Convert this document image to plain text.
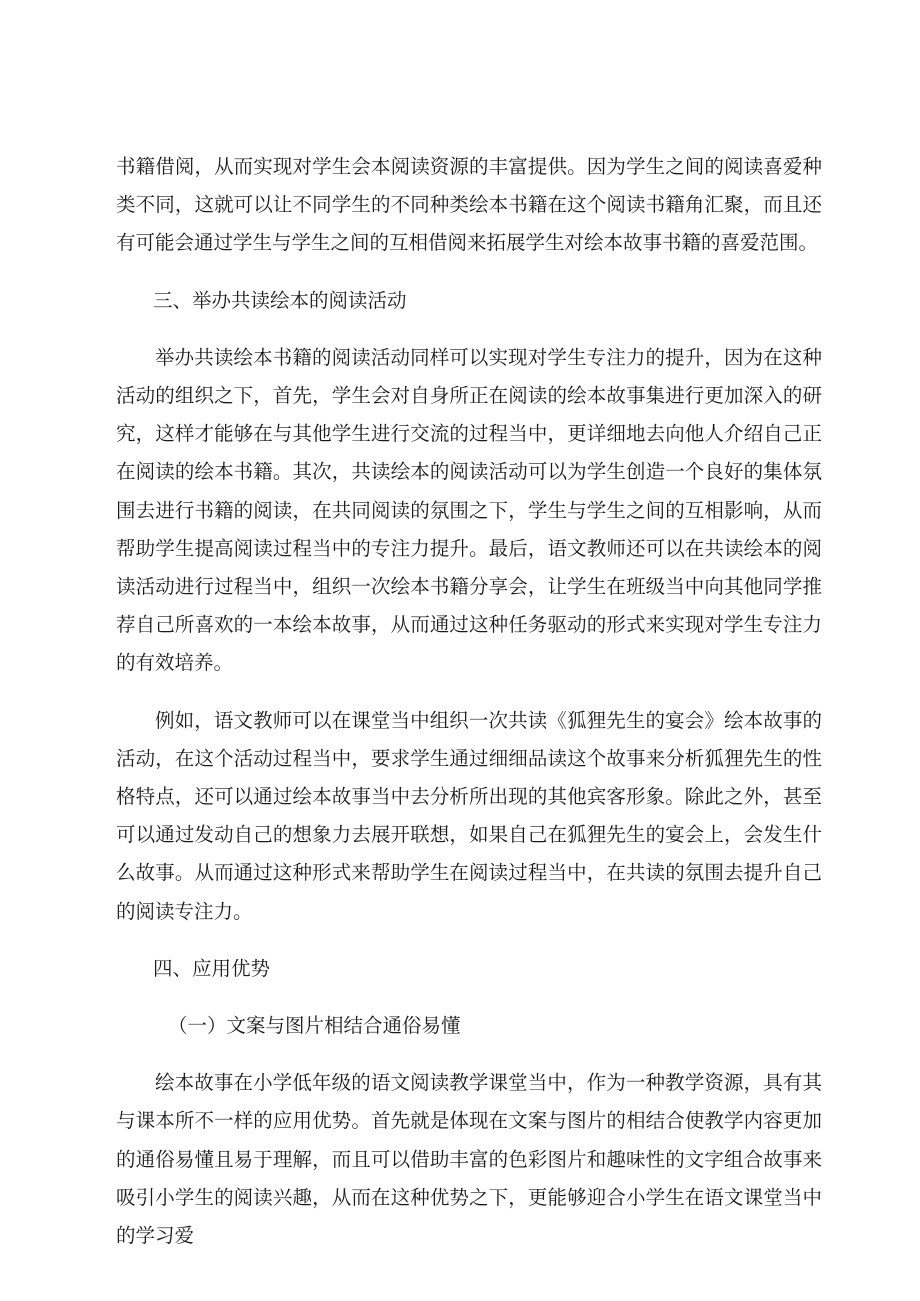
书籍借阅，从而实现对学生会本阅读资源的丰富提供。因为学生之间的阅读喜爱种类不同，这就可以让不同学生的不同种类绘本书籍在这个阅读书籍角汇聚，而且还有可能会通过学生与学生之间的互相借阅来拓展学生对绘本故事书籍的喜爱范围。

三、举办共读绘本的阅读活动

举办共读绘本书籍的阅读活动同样可以实现对学生专注力的提升，因为在这种活动的组织之下，首先，学生会对自身所正在阅读的绘本故事集进行更加深入的研究，这样才能够在与其他学生进行交流的过程当中，更详细地去向他人介绍自己正在阅读的绘本书籍。其次，共读绘本的阅读活动可以为学生创造一个良好的集体氛围去进行书籍的阅读，在共同阅读的氛围之下，学生与学生之间的互相影响，从而帮助学生提高阅读过程当中的专注力提升。最后，语文教师还可以在共读绘本的阅读活动进行过程当中，组织一次绘本书籍分享会，让学生在班级当中向其他同学推荐自己所喜欢的一本绘本故事，从而通过这种任务驱动的形式来实现对学生专注力的有效培养。

例如，语文教师可以在课堂当中组织一次共读《狐狸先生的宴会》绘本故事的活动，在这个活动过程当中，要求学生通过细细品读这个故事来分析狐狸先生的性格特点，还可以通过绘本故事当中去分析所出现的其他宾客形象。除此之外，甚至可以通过发动自己的想象力去展开联想，如果自己在狐狸先生的宴会上，会发生什么故事。从而通过这种形式来帮助学生在阅读过程当中，在共读的氛围去提升自己的阅读专注力。

四、应用优势

（一）文案与图片相结合通俗易懂

绘本故事在小学低年级的语文阅读教学课堂当中，作为一种教学资源，具有其与课本所不一样的应用优势。首先就是体现在文案与图片的相结合使教学内容更加的通俗易懂且易于理解，而且可以借助丰富的色彩图片和趣味性的文字组合故事来吸引小学生的阅读兴趣，从而在这种优势之下，更能够迎合小学生在语文课堂当中的学习爱
